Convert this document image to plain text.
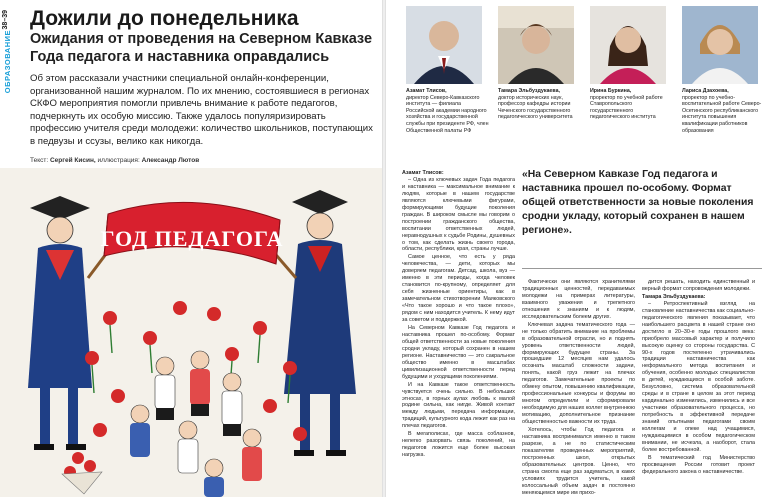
38–39
ОБРАЗОВАНИЕ
Дожили до понедельника
Ожидания от проведения на Северном Кавказе Года педагога и наставника оправдались
Об этом рассказали участники специальной онлайн-конференции, организованной нашим журналом. По их мнению, состоявшиеся в регионах СКФО мероприятия помогли привлечь внимание к работе педагогов, подчеркнуть их особую миссию. Также удалось популяризировать профессию учителя среди молодежи: количество школьников, поступающих в педвузы и ссузы, велико как никогда.
Текст: Сергей Кисин, иллюстрация: Александр Лютов
ГОД ПЕДАГОГА
Азамат Тлисов,
директор Северо-Кавказского института — филиала Российской академии народного хозяйства и государственной службы при президенте РФ, член Общественной палаты РФ
Тамара Эльбуздукаева,
доктор исторических наук, профессор кафедры истории Чеченского государственного педагогического университета
Ирина Буркина,
проректор по учебной работе Ставропольского государственного педагогического института
Лариса Дзахоева,
проректор по учебно-воспитательной работе Северо-Осетинского республиканского института повышения квалификации работников образования
Азамат Тлисов:

– Одна из ключевых задач Года педагога и наставника — максимальное внимание к людям, которые в нашем государстве являются ключевыми фигурами, формирующими будущие поколения граждан. В широком смысле мы говорим о построении гражданского общества, воспитании ответственных людей, неравнодушных к судьбе Родины, душевных о том, как сделать жизнь своего города, области, республики, края, страны лучше.

Самое ценное, что есть у ряда человечества, — дети, которых мы доверяем педагогам. Детсад, школа, вуз — именно в эти периоды, когда человек становится по-крупному, определяет для себя жизненные ориентиры, как в замечательном стихотворении Маяковского «Что такое хорошо и что такое плохо», рядом с ним находится учитель. К нему идут за советом и поддержкой.

На Северном Кавказе Год педагога и наставника прошел по-особому. Формат общей ответственности за новые поколения сродни укладу, который сохранен в нашем регионе. Наставничество — это сакральное общество именно в масштабах цивилизационной ответственности перед будущими и уходящими поколениями.

И на Кавказе такое ответственность чувствуется очень сильно. В небольших этносах, в горных аулах любовь к малой родине сильна, как нигде. Живой контакт между людьми, передача информации, традиций, культурного кода лежит как раз на плечах педагогов.

В мегаполисах, где масса соблазнов, нелегко разорвать связь поколений, на педагогов ложится еще более высокая нагрузка.

«На Северном Кавказе Год педагога и наставника прошел по-особому. Формат общей ответственности за новые поколения сродни укладу, который сохранен в нашем регионе».

Фактически они являются хранителями традиционных ценностей, передаваемых молодежи на примерах литературы, взаимного уважения и трепетного отношения к знаниям и к людям, исследовательским болеем других.

Ключевая задача тематического года — не только обратить внимание на проблемы в образовательной отрасли, но и поднять уровень ответственности людей, формирующих будущее страны. За прошедшие 12 месяцев нам удалось осознать масштаб сложности задачи, понять, какой груз лежит на плечах педагогов. Замечательные проекты по обмену опытом, повышению квалификации, профессиональные конкурсы и форумы во многом определили и сформировали необходимую для наших коллег внутреннюю мотивацию, дополнительное признание общественностью важности их труда.

Хотелось, чтобы Год педагога и наставника воспринимался именно в таком разрезе, а не по статистическим показателям проведенных мероприятий, построенных школ, открытых образовательных центров. Ценно, что страна смогла еще раз задуматься, в каких условиях трудится учитель, какой колоссальный объем задач в постоянно меняющемся мире им прихо-

дится решать, находить единственный и верный формат сопровождения молодежи.

Тамара Эльбуздукаева:

– Ретроспективный взгляд на становление наставничества как социально-педагогического явления показывает, что наибольшего расцвета в нашей стране оно достигло в 20–30-е годы прошлого века: приобрело массовый характер и получило высокую оценку со стороны государства. С 90-х годов постепенно утрачивались традиции наставничества как неформального метода воспитания и обучения, особенно молодых специалистов в детей, нуждающихся в особой заботе. Безусловно, система образовательной среды и в стране в целом за этот период кардинально изменились, изменились и все участники образовательного процесса, но потребность в эффективной передаче знаний опытными педагогами своим коллегам и опеке над учащимися, нуждающимися в особом педагогическом внимании, не исчезла, а наоборот, стала более востребованной.

В тематический год Министерство просвещения России готовит проект федерального закона о наставничестве.
